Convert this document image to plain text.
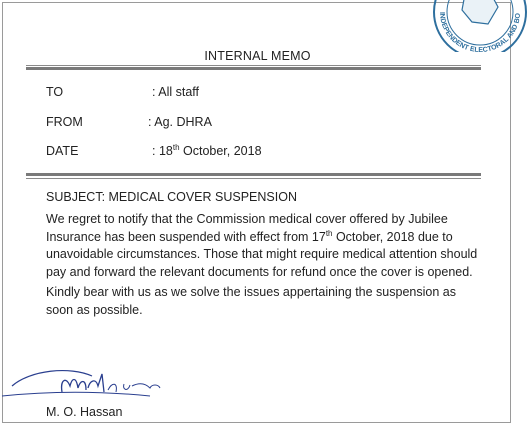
INDEPENDENT ELECTORAL AND BO
INTERNAL MEMO
TO	: All staff
FROM	: Ag. DHRA
DATE	: 18th October, 2018
SUBJECT: MEDICAL COVER SUSPENSION
We regret to notify that the Commission medical cover offered by Jubilee Insurance has been suspended with effect from 17th October, 2018 due to unavoidable circumstances. Those that might require medical attention should pay and forward the relevant documents for refund once the cover is opened.
Kindly bear with us as we solve the issues appertaining the suspension as soon as possible.
M. O. Hassan
